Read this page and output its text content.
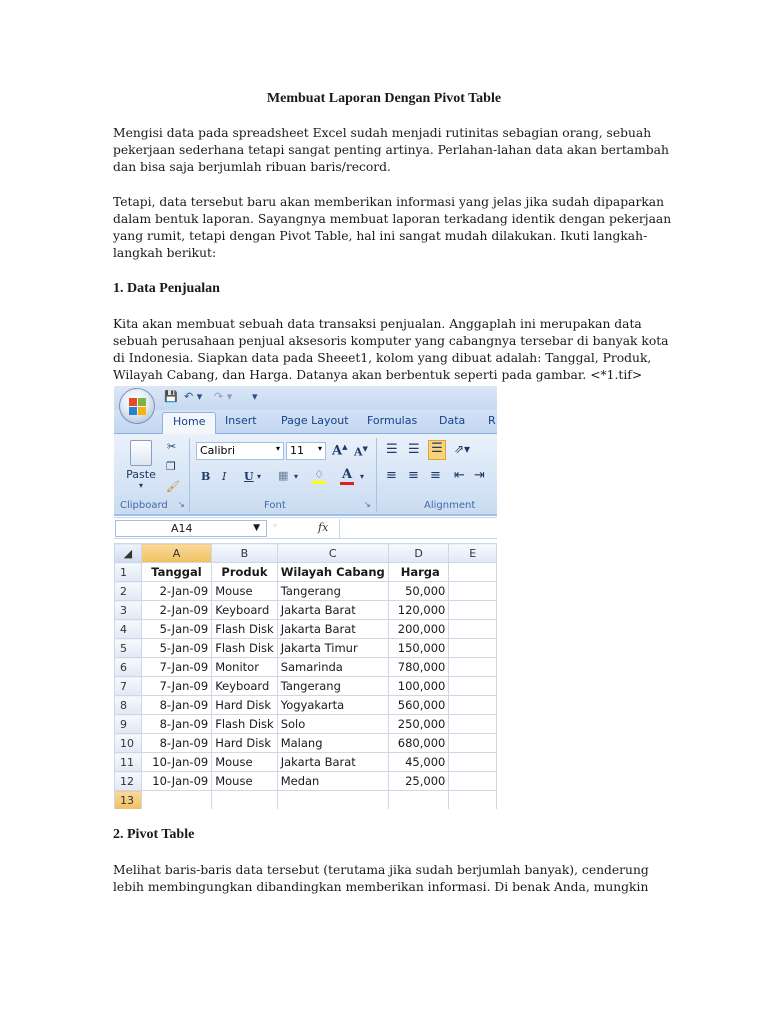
Membuat Laporan Dengan Pivot Table
Mengisi data pada spreadsheet Excel sudah menjadi rutinitas sebagian orang, sebuah
pekerjaan sederhana tetapi sangat penting artinya. Perlahan-lahan data akan bertambah
dan bisa saja berjumlah ribuan baris/record.
Tetapi, data tersebut baru akan memberikan informasi yang jelas jika sudah dipaparkan
dalam bentuk laporan. Sayangnya membuat laporan terkadang identik dengan pekerjaan
yang rumit, tetapi dengan Pivot Table, hal ini sangat mudah dilakukan. Ikuti langkah-
langkah berikut:
1. Data Penjualan
Kita akan membuat sebuah data transaksi penjualan. Anggaplah ini merupakan data
sebuah perusahaan penjual aksesoris komputer yang cabangnya tersebar di banyak kota
di Indonesia. Siapkan data pada Sheeet1, kolom yang dibuat adalah: Tanggal, Produk,
Wilayah Cabang, dan Harga. Datanya akan berbentuk seperti pada gambar. <*1.tif>
💾 ↶ ▾ ↷ ▾ ▾
Home	Insert Page Layout Formulas Data R
Paste
▾
✂
❐
🖌
Clipboard ↘
Calibri	▾ 11 ▾ A▲ A▼
B I U ▾ ▦ ▾ ♢ A ▾
Font	↘
☰ ☰ ☰ ⇗▾
≡ ≡ ≡ ⇤ ⇥
Alignment
A14	▼ ◦	fx
◢	A	B	C	D	E
1	Tanggal	Produk	Wilayah Cabang	Harga	
2	2-Jan-09	Mouse	Tangerang	50,000	
3	2-Jan-09	Keyboard	Jakarta Barat	120,000	
4	5-Jan-09	Flash Disk	Jakarta Barat	200,000	
5	5-Jan-09	Flash Disk	Jakarta Timur	150,000	
6	7-Jan-09	Monitor	Samarinda	780,000	
7	7-Jan-09	Keyboard	Tangerang	100,000	
8	8-Jan-09	Hard Disk	Yogyakarta	560,000	
9	8-Jan-09	Flash Disk	Solo	250,000	
10	8-Jan-09	Hard Disk	Malang	680,000	
11	10-Jan-09	Mouse	Jakarta Barat	45,000	
12	10-Jan-09	Mouse	Medan	25,000	
13					
2. Pivot Table
Melihat baris-baris data tersebut (terutama jika sudah berjumlah banyak), cenderung
lebih membingungkan dibandingkan memberikan informasi. Di benak Anda, mungkin
